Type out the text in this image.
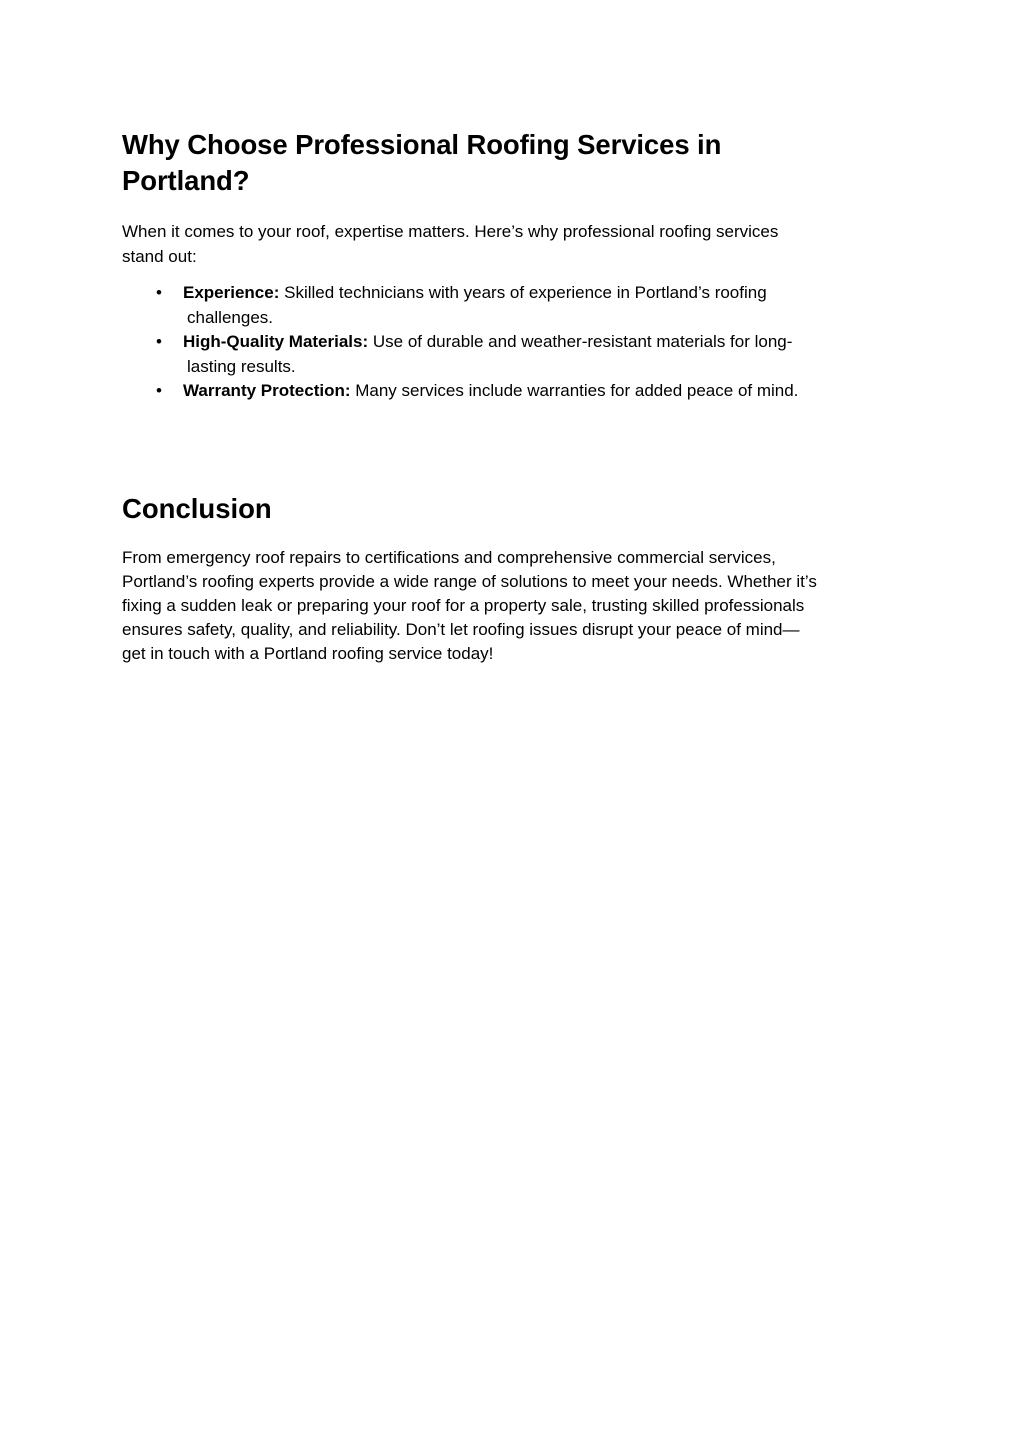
Why Choose Professional Roofing Services in
Portland?

When it comes to your roof, expertise matters. Here’s why professional roofing services
stand out:

• Experience: Skilled technicians with years of experience in Portland’s roofing
challenges.
• High-Quality Materials: Use of durable and weather-resistant materials for long-
lasting results.
• Warranty Protection: Many services include warranties for added peace of mind.
Conclusion

From emergency roof repairs to certifications and comprehensive commercial services,
Portland’s roofing experts provide a wide range of solutions to meet your needs. Whether it’s
fixing a sudden leak or preparing your roof for a property sale, trusting skilled professionals
ensures safety, quality, and reliability. Don’t let roofing issues disrupt your peace of mind—
get in touch with a Portland roofing service today!
